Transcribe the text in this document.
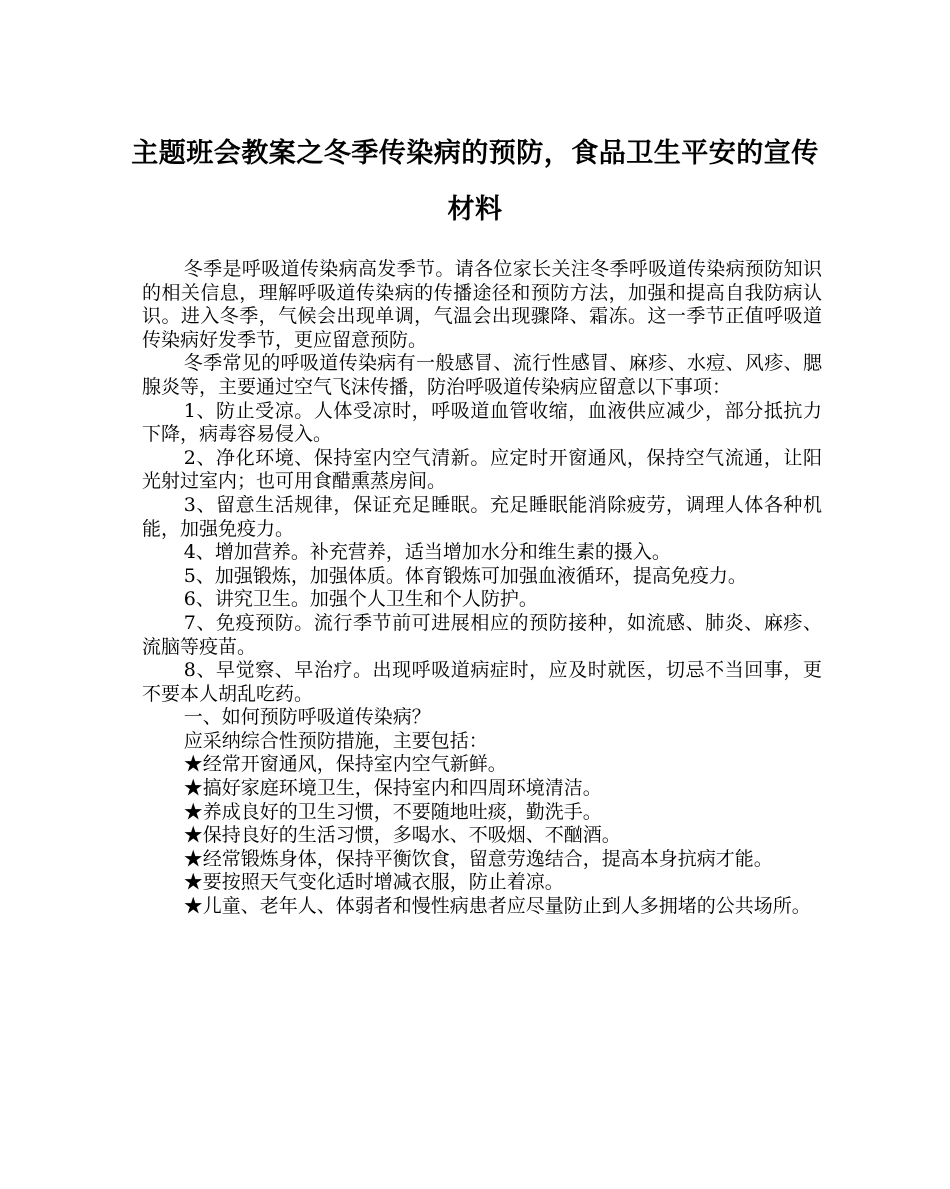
主题班会教案之冬季传染病的预防，食品卫生平安的宣传材料

冬季是呼吸道传染病高发季节。请各位家长关注冬季呼吸道传染病预防知识的相关信息，理解呼吸道传染病的传播途径和预防方法，加强和提高自我防病认识。进入冬季，气候会出现单调，气温会出现骤降、霜冻。这一季节正值呼吸道传染病好发季节，更应留意预防。

冬季常见的呼吸道传染病有一般感冒、流行性感冒、麻疹、水痘、风疹、腮腺炎等，主要通过空气飞沫传播，防治呼吸道传染病应留意以下事项：

1、防止受凉。人体受凉时，呼吸道血管收缩，血液供应减少，部分抵抗力下降，病毒容易侵入。

2、净化环境、保持室内空气清新。应定时开窗通风，保持空气流通，让阳光射过室内；也可用食醋熏蒸房间。

3、留意生活规律，保证充足睡眠。充足睡眠能消除疲劳，调理人体各种机能，加强免疫力。

4、增加营养。补充营养，适当增加水分和维生素的摄入。

5、加强锻炼，加强体质。体育锻炼可加强血液循环，提高免疫力。

6、讲究卫生。加强个人卫生和个人防护。

7、免疫预防。流行季节前可进展相应的预防接种，如流感、肺炎、麻疹、流脑等疫苗。

8、早觉察、早治疗。出现呼吸道病症时，应及时就医，切忌不当回事，更不要本人胡乱吃药。

一、如何预防呼吸道传染病？

应采纳综合性预防措施，主要包括：

★经常开窗通风，保持室内空气新鲜。

★搞好家庭环境卫生，保持室内和四周环境清洁。

★养成良好的卫生习惯，不要随地吐痰，勤洗手。

★保持良好的生活习惯，多喝水、不吸烟、不酗酒。

★经常锻炼身体，保持平衡饮食，留意劳逸结合，提高本身抗病才能。

★要按照天气变化适时增减衣服，防止着凉。

★儿童、老年人、体弱者和慢性病患者应尽量防止到人多拥堵的公共场所。
